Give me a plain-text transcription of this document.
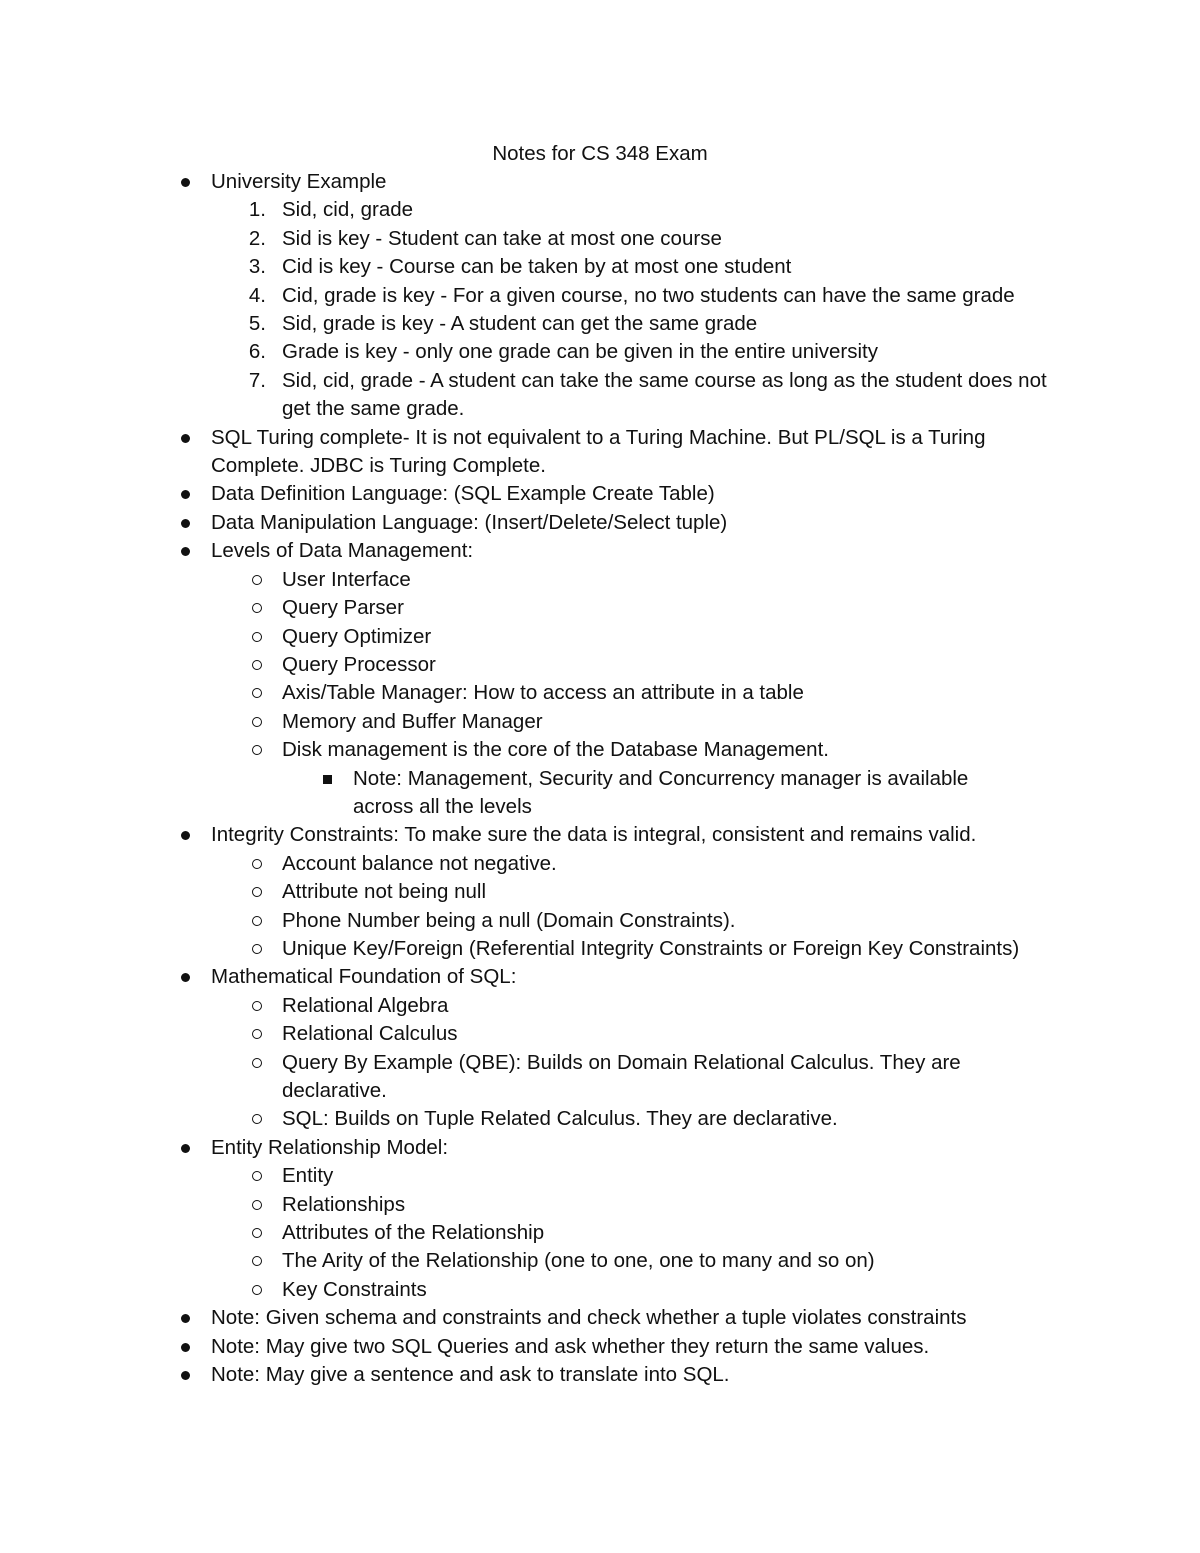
Notes for CS 348 Exam
University Example
1. Sid, cid, grade
2. Sid is key - Student can take at most one course
3. Cid is key - Course can be taken by at most one student
4. Cid, grade is key - For a given course, no two students can have the same grade
5. Sid, grade is key - A student can get the same grade
6. Grade is key - only one grade can be given in the entire university
7. Sid, cid, grade - A student can take the same course as long as the student does not get the same grade.
SQL Turing complete- It is not equivalent to a Turing Machine. But PL/SQL is a Turing Complete. JDBC is Turing Complete.
Data Definition Language: (SQL Example Create Table)
Data Manipulation Language: (Insert/Delete/Select tuple)
Levels of Data Management:
User Interface
Query Parser
Query Optimizer
Query Processor
Axis/Table Manager: How to access an attribute in a table
Memory and Buffer Manager
Disk management is the core of the Database Management.
Note: Management, Security and Concurrency manager is available across all the levels
Integrity Constraints: To make sure the data is integral, consistent and remains valid.
Account balance not negative.
Attribute not being null
Phone Number being a null (Domain Constraints).
Unique Key/Foreign (Referential Integrity Constraints or Foreign Key Constraints)
Mathematical Foundation of SQL:
Relational Algebra
Relational Calculus
Query By Example (QBE): Builds on Domain Relational Calculus. They are declarative.
SQL: Builds on Tuple Related Calculus. They are declarative.
Entity Relationship Model:
Entity
Relationships
Attributes of the Relationship
The Arity of the Relationship (one to one, one to many and so on)
Key Constraints
Note: Given schema and constraints and check whether a tuple violates constraints
Note: May give two SQL Queries and ask whether they return the same values.
Note: May give a sentence and ask to translate into SQL.
